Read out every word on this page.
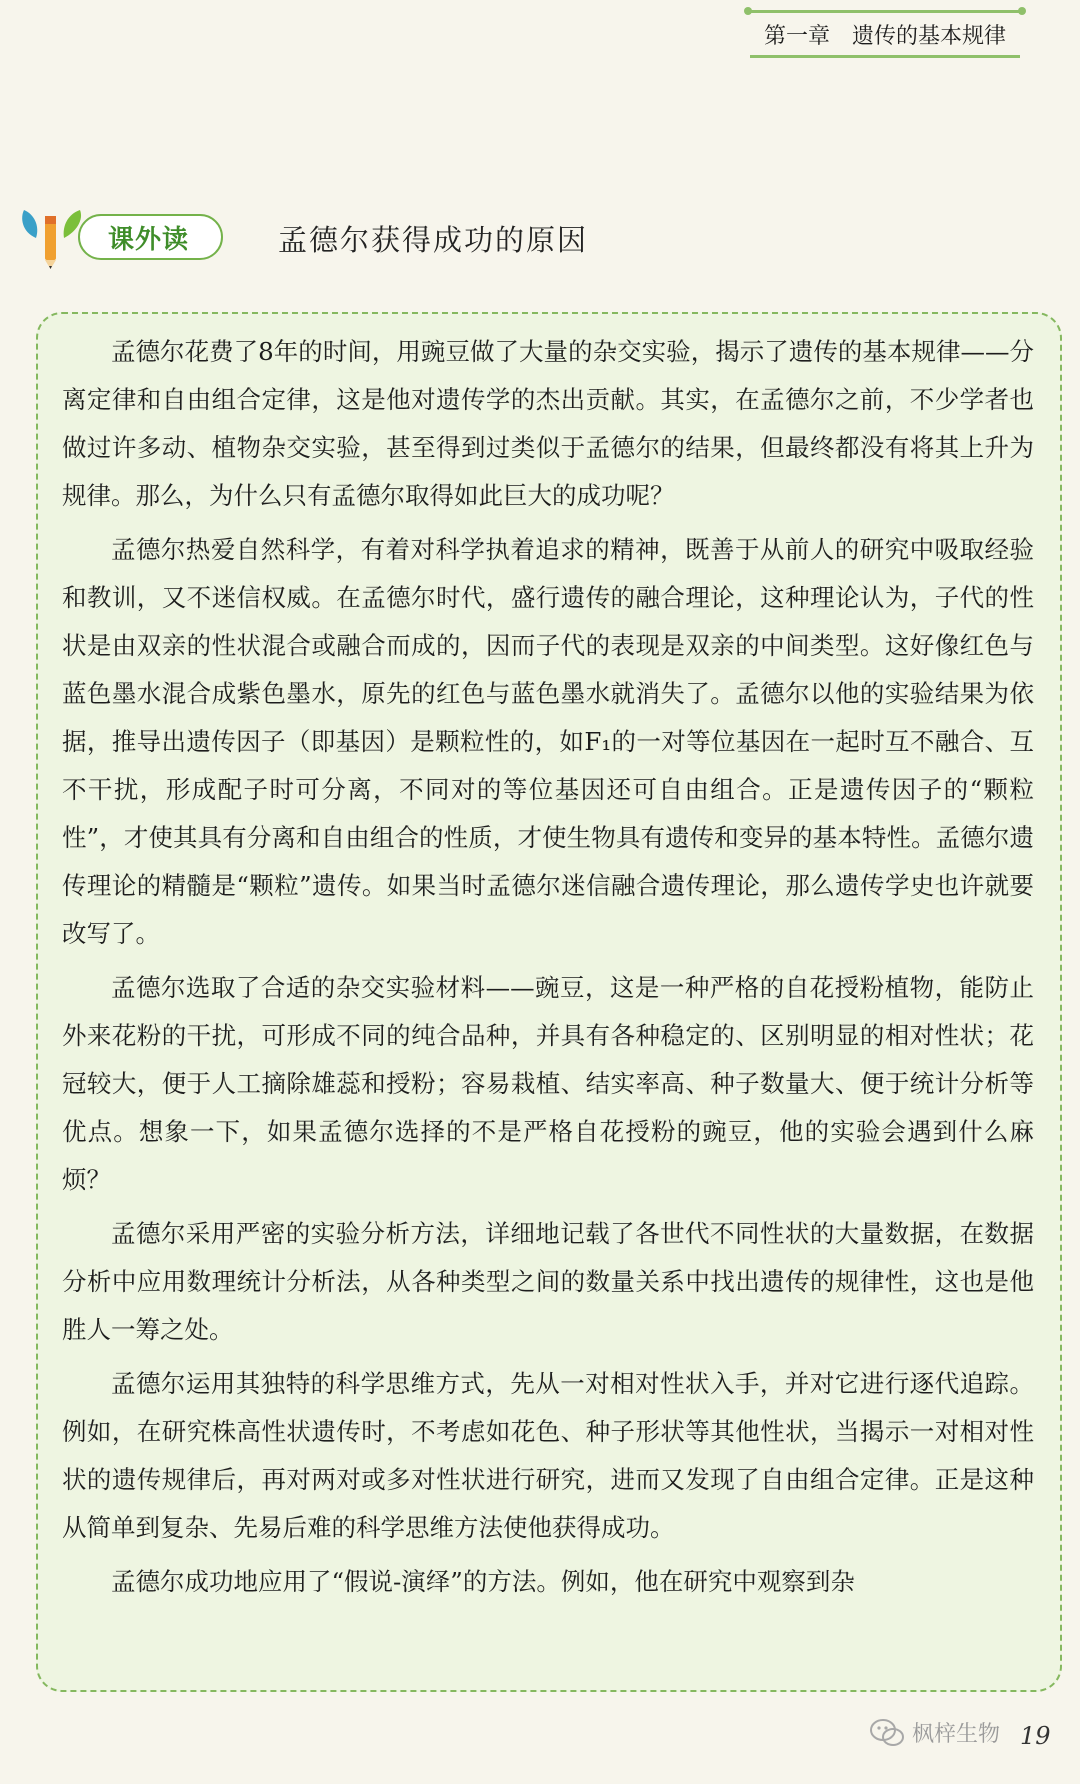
第一章 遗传的基本规律
课外读	孟德尔获得成功的原因

孟德尔花费了8年的时间，用豌豆做了大量的杂交实验，揭示了遗传的基本规律——分离定律和自由组合定律，这是他对遗传学的杰出贡献。其实，在孟德尔之前，不少学者也做过许多动、植物杂交实验，甚至得到过类似于孟德尔的结果，但最终都没有将其上升为规律。那么，为什么只有孟德尔取得如此巨大的成功呢？

孟德尔热爱自然科学，有着对科学执着追求的精神，既善于从前人的研究中吸取经验和教训，又不迷信权威。在孟德尔时代，盛行遗传的融合理论，这种理论认为，子代的性状是由双亲的性状混合或融合而成的，因而子代的表现是双亲的中间类型。这好像红色与蓝色墨水混合成紫色墨水，原先的红色与蓝色墨水就消失了。孟德尔以他的实验结果为依据，推导出遗传因子（即基因）是颗粒性的，如F₁的一对等位基因在一起时互不融合、互不干扰，形成配子时可分离，不同对的等位基因还可自由组合。正是遗传因子的“颗粒性”，才使其具有分离和自由组合的性质，才使生物具有遗传和变异的基本特性。孟德尔遗传理论的精髓是“颗粒”遗传。如果当时孟德尔迷信融合遗传理论，那么遗传学史也许就要改写了。

孟德尔选取了合适的杂交实验材料——豌豆，这是一种严格的自花授粉植物，能防止外来花粉的干扰，可形成不同的纯合品种，并具有各种稳定的、区别明显的相对性状；花冠较大，便于人工摘除雄蕊和授粉；容易栽植、结实率高、种子数量大、便于统计分析等优点。想象一下，如果孟德尔选择的不是严格自花授粉的豌豆，他的实验会遇到什么麻烦？

孟德尔采用严密的实验分析方法，详细地记载了各世代不同性状的大量数据，在数据分析中应用数理统计分析法，从各种类型之间的数量关系中找出遗传的规律性，这也是他胜人一筹之处。

孟德尔运用其独特的科学思维方式，先从一对相对性状入手，并对它进行逐代追踪。例如，在研究株高性状遗传时，不考虑如花色、种子形状等其他性状，当揭示一对相对性状的遗传规律后，再对两对或多对性状进行研究，进而又发现了自由组合定律。正是这种从简单到复杂、先易后难的科学思维方法使他获得成功。

孟德尔成功地应用了“假说-演绎”的方法。例如，他在研究中观察到杂

枫梓生物 19
